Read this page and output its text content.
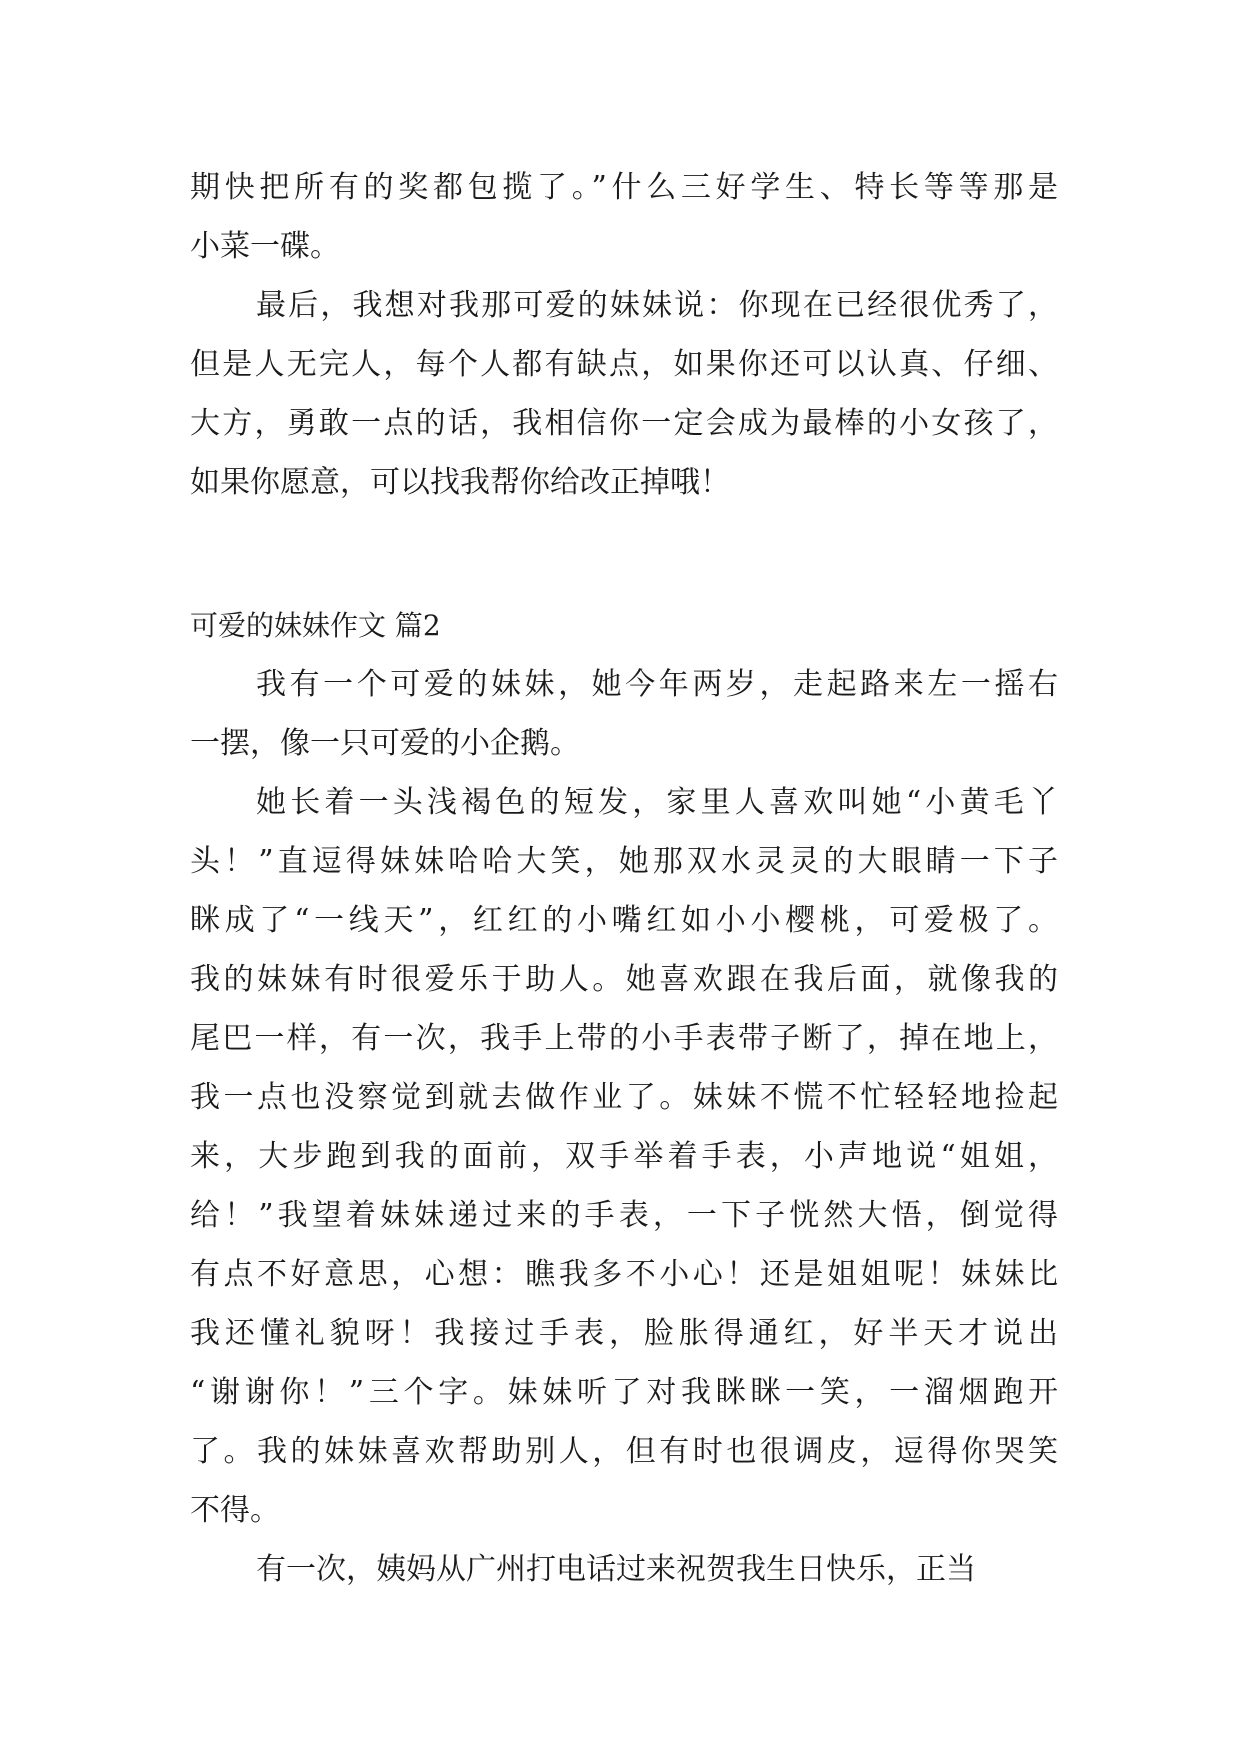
期快把所有的奖都包揽了。”什么三好学生、特长等等那是
小菜一碟。
最后，我想对我那可爱的妹妹说：你现在已经很优秀了，
但是人无完人，每个人都有缺点，如果你还可以认真、仔细、
大方，勇敢一点的话，我相信你一定会成为最棒的小女孩了，
如果你愿意，可以找我帮你给改正掉哦！
可爱的妹妹作文 篇2
我有一个可爱的妹妹，她今年两岁，走起路来左一摇右
一摆，像一只可爱的小企鹅。
她长着一头浅褐色的短发，家里人喜欢叫她“小黄毛丫
头！”直逗得妹妹哈哈大笑，她那双水灵灵的大眼睛一下子
眯成了“一线天”，红红的小嘴红如小小樱桃，可爱极了。
我的妹妹有时很爱乐于助人。她喜欢跟在我后面，就像我的
尾巴一样，有一次，我手上带的小手表带子断了，掉在地上，
我一点也没察觉到就去做作业了。妹妹不慌不忙轻轻地捡起
来，大步跑到我的面前，双手举着手表，小声地说“姐姐，
给！”我望着妹妹递过来的手表，一下子恍然大悟，倒觉得
有点不好意思，心想：瞧我多不小心！还是姐姐呢！妹妹比
我还懂礼貌呀！我接过手表，脸胀得通红，好半天才说出
“谢谢你！”三个字。妹妹听了对我眯眯一笑，一溜烟跑开
了。我的妹妹喜欢帮助别人，但有时也很调皮，逗得你哭笑
不得。
有一次，姨妈从广州打电话过来祝贺我生日快乐，正当
